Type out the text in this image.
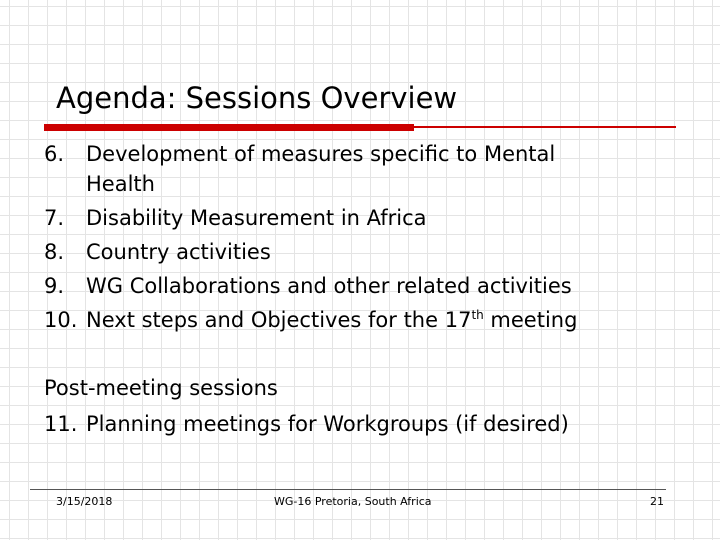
Agenda: Sessions Overview
6.	Development of measures specific to Mental
Health
7.	Disability Measurement in Africa
8.	Country activities
9.	WG Collaborations and other related activities
10. Next steps and Objectives for the 17th meeting
Post-meeting sessions
11. Planning meetings for Workgroups (if desired)
3/15/2018	WG-16 Pretoria, South Africa	21
